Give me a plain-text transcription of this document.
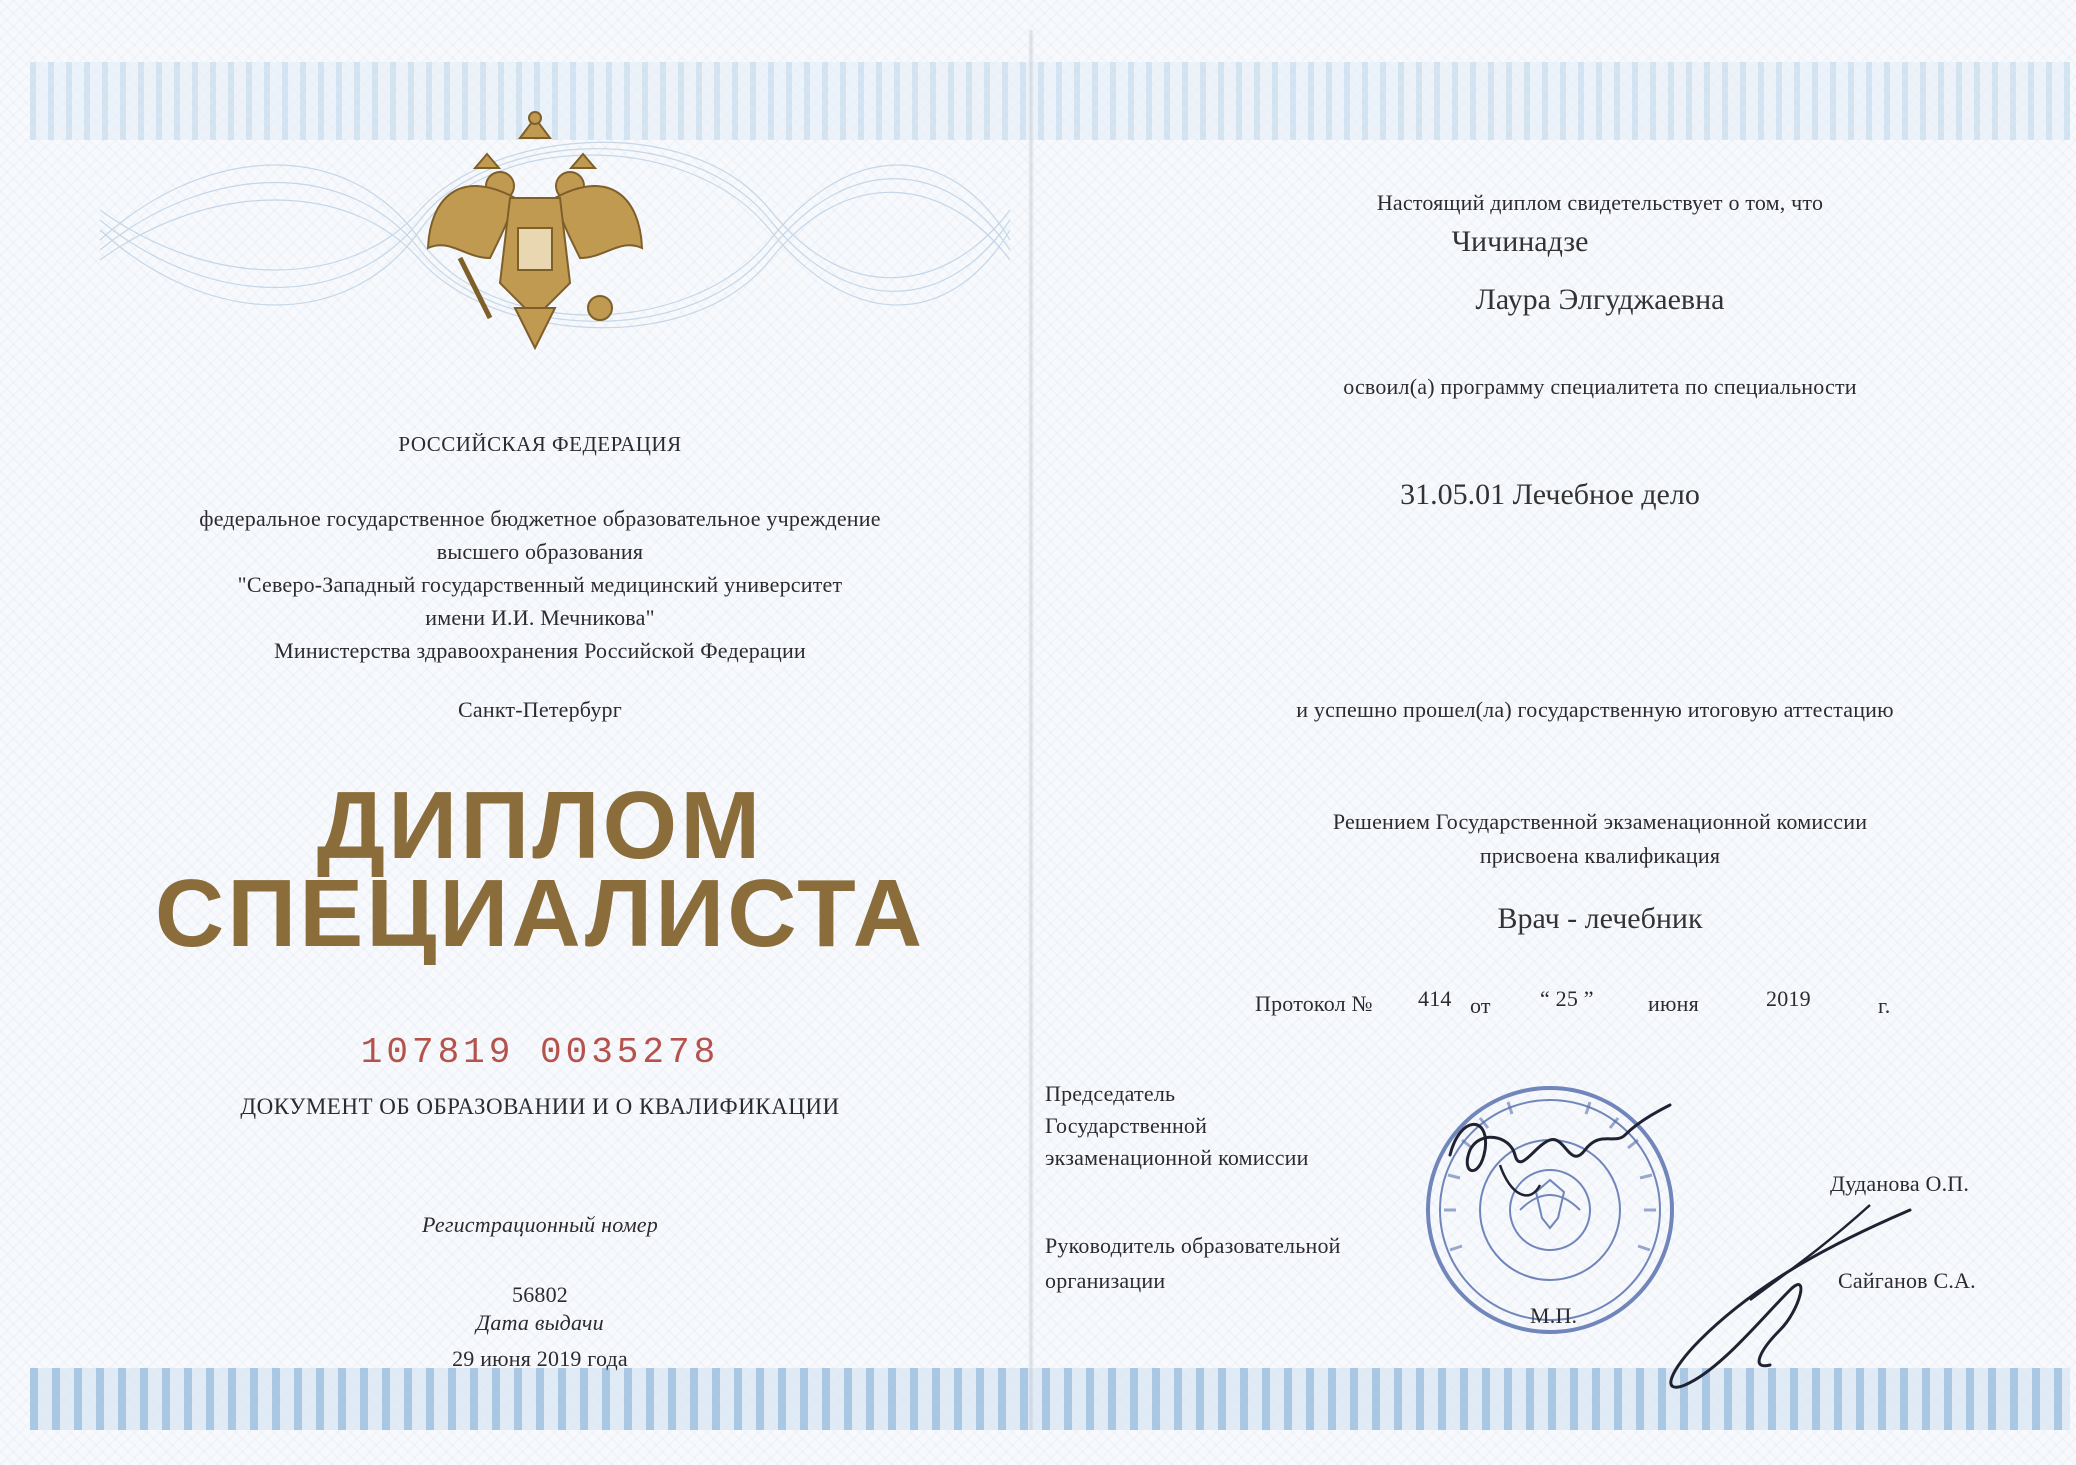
РОССИЙСКАЯ ФЕДЕРАЦИЯ
федеральное государственное бюджетное образовательное учреждение
высшего образования
"Северо-Западный государственный медицинский университет
имени И.И. Мечникова"
Министерства здравоохранения Российской Федерации
Санкт-Петербург
ДИПЛОМ
СПЕЦИАЛИСТА
107819 0035278
ДОКУМЕНТ ОБ ОБРАЗОВАНИИ И О КВАЛИФИКАЦИИ
Регистрационный номер
56802
Дата выдачи
29 июня 2019 года
Настоящий диплом свидетельствует о том, что
Чичинадзе
Лаура Элгуджаевна
освоил(а) программу специалитета по специальности
31.05.01 Лечебное дело
и успешно прошел(ла) государственную итоговую аттестацию
Решением Государственной экзаменационной комиссии
присвоена квалификация
Врач - лечебник
Протокол № 414 от “ 25 ” июня	2019	г.
Председатель
Государственной
экзаменационной комиссии
Дуданова О.П.
Руководитель образовательной
организации	Сайганов С.А.
М.П.
